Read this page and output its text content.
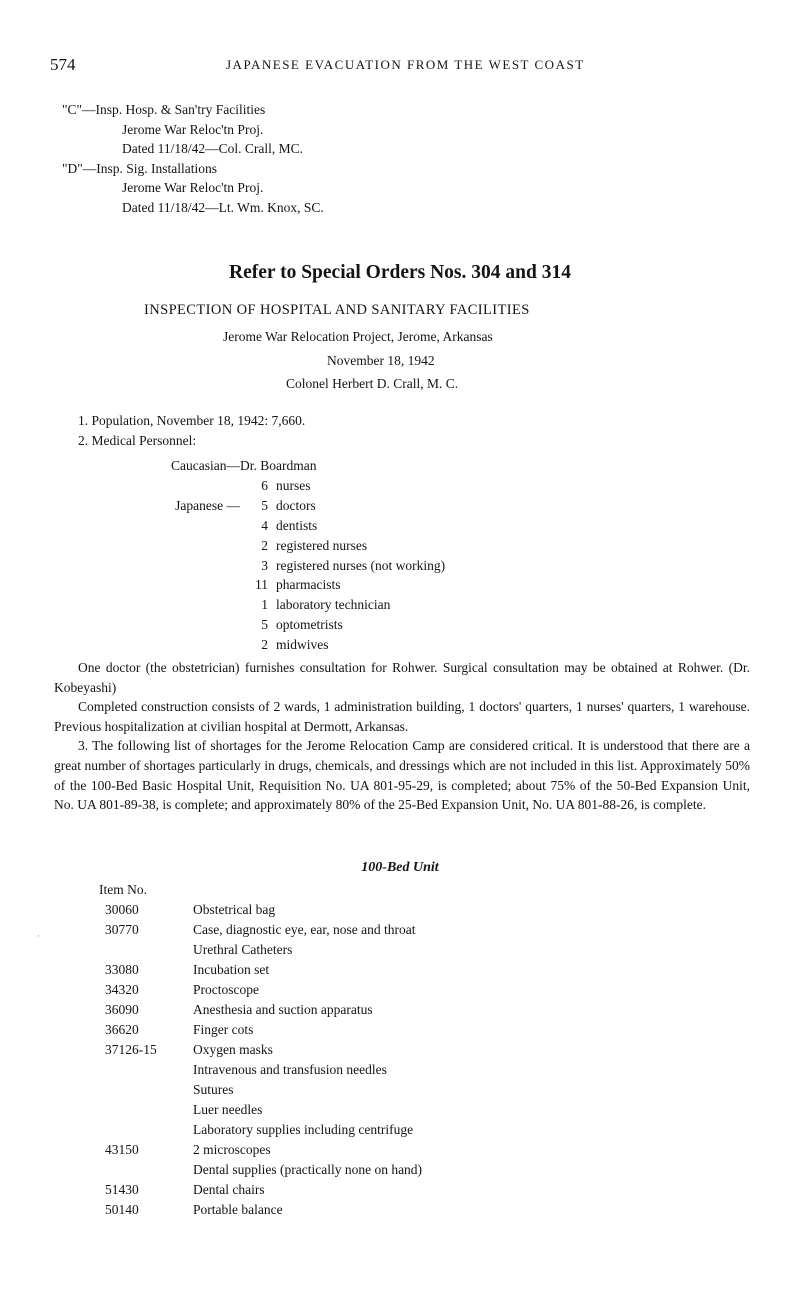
574	JAPANESE EVACUATION FROM THE WEST COAST
"C"—Insp. Hosp. & San'try Facilities
Jerome War Reloc'tn Proj.
Dated 11/18/42—Col. Crall, MC.
"D"—Insp. Sig. Installations
Jerome War Reloc'tn Proj.
Dated 11/18/42—Lt. Wm. Knox, SC.
Refer to Special Orders Nos. 304 and 314
INSPECTION OF HOSPITAL AND SANITARY FACILITIES
Jerome War Relocation Project, Jerome, Arkansas
November 18, 1942
Colonel Herbert D. Crall, M. C.
1. Population, November 18, 1942: 7,660.
2. Medical Personnel:
Caucasian— Dr. Boardman
6 nurses
Japanese —	5 doctors
4 dentists
2 registered nurses
3 registered nurses (not working)
11 pharmacists
1 laboratory technician
5 optometrists
2 midwives

One doctor (the obstetrician) furnishes consultation for Rohwer. Surgical consultation may be obtained at Rohwer. (Dr. Kobeyashi)

Completed construction consists of 2 wards, 1 administration building, 1 doctors' quarters, 1 nurses' quarters, 1 warehouse. Previous hospitalization at civilian hospital at Dermott, Arkansas.

3. The following list of shortages for the Jerome Relocation Camp are considered critical. It is understood that there are a great number of shortages particularly in drugs, chemicals, and dressings which are not included in this list. Approximately 50% of the 100-Bed Basic Hospital Unit, Requisition No. UA 801-95-29, is completed; about 75% of the 50-Bed Expansion Unit, No. UA 801-89-38, is complete; and approximately 80% of the 25-Bed Expansion Unit, No. UA 801-88-26, is complete.

100-Bed Unit
Item No.
30060	Obstetrical bag
30770	Case, diagnostic eye, ear, nose and throat
Urethral Catheters
33080	Incubation set
34320	Proctoscope
36090	Anesthesia and suction apparatus
36620	Finger cots
37126-15	Oxygen masks
Intravenous and transfusion needles
Sutures
Luer needles
Laboratory supplies including centrifuge
43150	2 microscopes
Dental supplies (practically none on hand)
51430	Dental chairs
50140	Portable balance
·
